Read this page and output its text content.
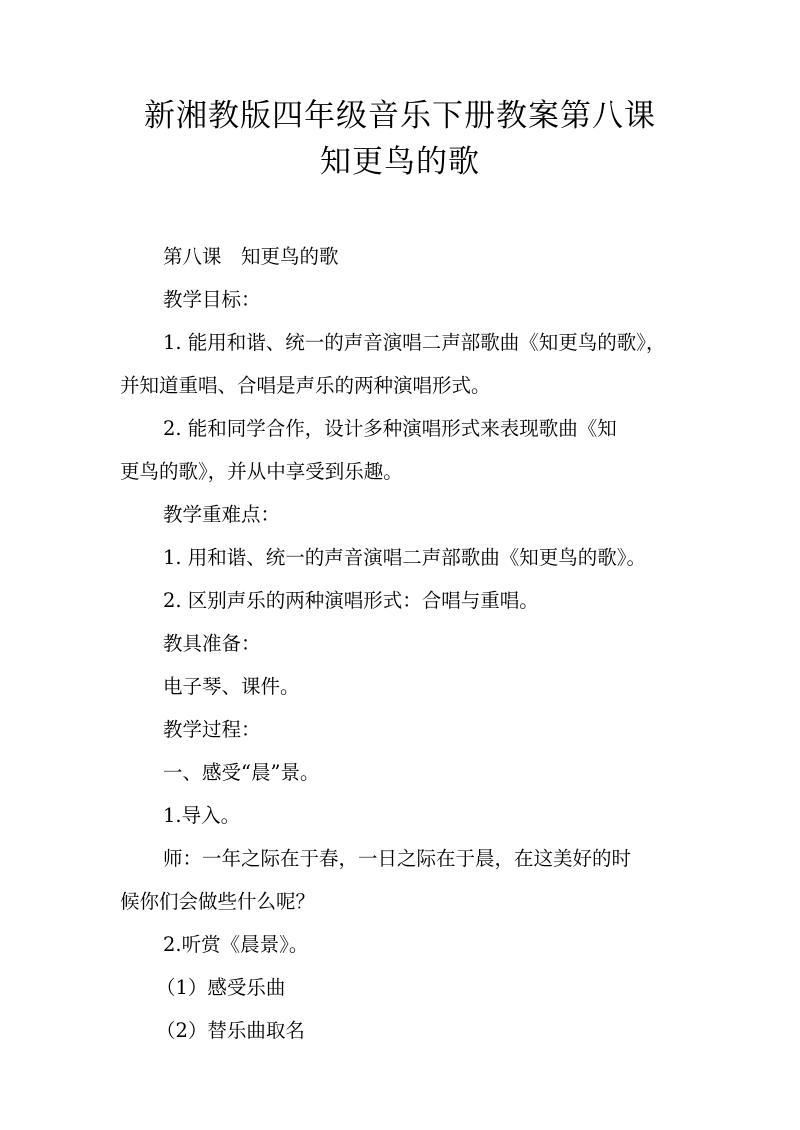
新湘教版四年级音乐下册教案第八课
知更鸟的歌
第八课　知更鸟的歌
教学目标：
1. 能用和谐、统一的声音演唱二声部歌曲《知更鸟的歌》，
并知道重唱、合唱是声乐的两种演唱形式。
2. 能和同学合作，设计多种演唱形式来表现歌曲《知
更鸟的歌》，并从中享受到乐趣。
教学重难点：
1. 用和谐、统一的声音演唱二声部歌曲《知更鸟的歌》。
2. 区别声乐的两种演唱形式：合唱与重唱。
教具准备：
电子琴、课件。
教学过程：
一、感受“晨”景。
1.导入。
师：一年之际在于春，一日之际在于晨，在这美好的时
候你们会做些什么呢？
2.听赏《晨景》。
（1）感受乐曲
（2）替乐曲取名
